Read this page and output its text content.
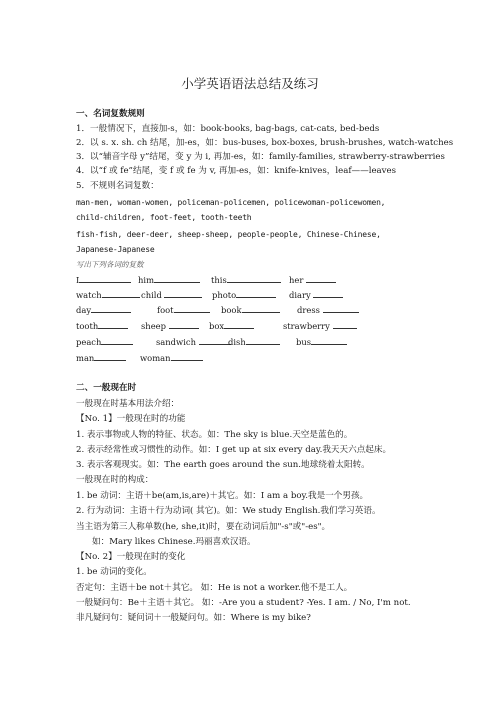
小学英语语法总结及练习
一、名词复数规则
1．一般情况下，直接加-s，如：book-books, bag-bags, cat-cats, bed-beds
2．以 s. x. sh. ch 结尾，加-es，如：bus-buses, box-boxes, brush-brushes, watch-watches
3．以“辅音字母 y”结尾，变 y 为 i, 再加-es，如：family-families, strawberry-strawberries
4．以“f 或 fe”结尾，变 f 或 fe 为 v, 再加-es，如：knife-knives，leaf——leaves
5．不规则名词复数：
man-men, woman-women, policeman-policemen, policewoman-policewomen,
child-children, foot-feet, tooth-teeth
fish-fish, deer-deer, sheep-sheep, people-people, Chinese-Chinese,
Japanese-Japanese
写出下列各词的复数
I	him	this	her
watch	child	photo	diary
day	foot	book	dress
tooth	sheep	box	strawberry
peach	sandwich	dish	bus
man	woman
二、一般现在时
一般现在时基本用法介绍：
【No. 1】一般现在时的功能
1. 表示事物或人物的特征、状态。如：The sky is blue.天空是蓝色的。
2. 表示经常性或习惯性的动作。如：I get up at six every day.我天天六点起床。
3. 表示客观现实。如：The earth goes around the sun.地球绕着太阳转。
一般现在时的构成：
1. be 动词：主语＋be(am,is,are)＋其它。如：I am a boy.我是一个男孩。
2. 行为动词：主语＋行为动词( 其它)。如：We study English.我们学习英语。
当主语为第三人称单数(he, she,it)时，要在动词后加"-s"或"-es"。
如：Mary likes Chinese.玛丽喜欢汉语。
【No. 2】一般现在时的变化
1. be 动词的变化。
否定句：主语＋be not＋其它。 如：He is not a worker.他不是工人。
一般疑问句：Be＋主语＋其它。 如：-Are you a student? -Yes. I am. / No, I'm not.
非凡疑问句：疑问词＋一般疑问句。如：Where is my bike?
